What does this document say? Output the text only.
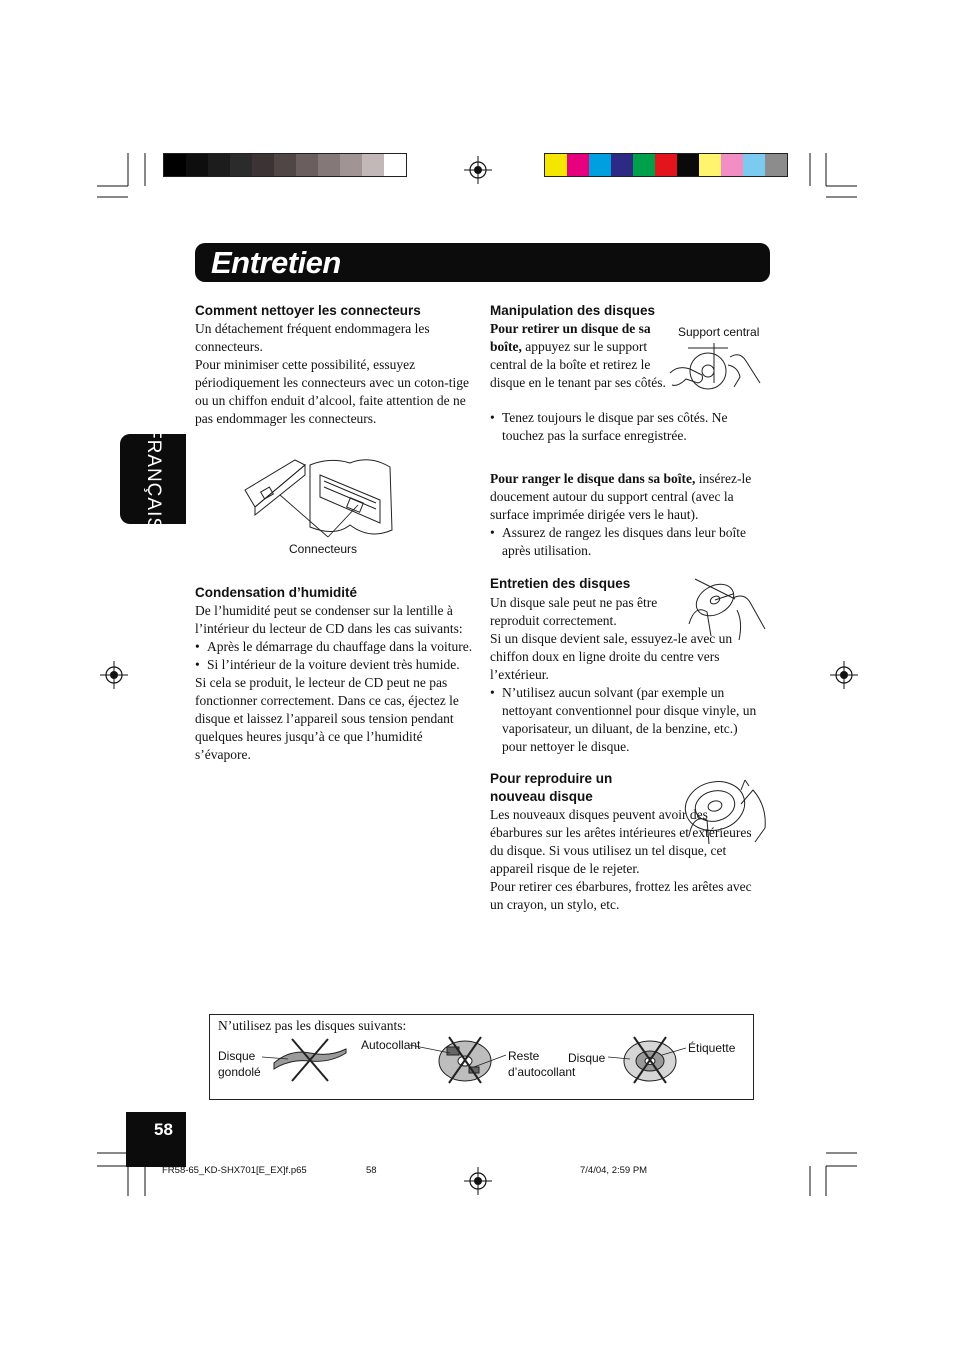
Entretien
FRANÇAIS
Comment nettoyer les connecteurs

Un détachement fréquent endommagera les connecteurs.

Pour minimiser cette possibilité, essuyez périodiquement les connecteurs avec un coton-tige ou un chiffon enduit d’alcool, faite attention de ne pas endommager les connecteurs.

Connecteurs
Condensation d’humidité

De l’humidité peut se condenser sur la lentille à l’intérieur du lecteur de CD dans les cas suivants:

• Après le démarrage du chauffage dans la voiture.
• Si l’intérieur de la voiture devient très humide.

Si cela se produit, le lecteur de CD peut ne pas fonctionner correctement. Dans ce cas, éjectez le disque et laissez l’appareil sous tension pendant quelques heures jusqu’à ce que l’humidité s’évapore.

Manipulation des disques

Pour retirer un disque de sa boîte, appuyez sur le support central de la boîte et retirez le disque en le tenant par ses côtés.

Support central
• Tenez toujours le disque par ses côtés. Ne touchez pas la surface enregistrée.

Pour ranger le disque dans sa boîte, insérez-le doucement autour du support central (avec la surface imprimée dirigée vers le haut).

• Assurez de rangez les disques dans leur boîte après utilisation.
Entretien des disques

Un disque sale peut ne pas être reproduit correctement.

Si un disque devient sale, essuyez-le avec un chiffon doux en ligne droite du centre vers l’extérieur.

• N’utilisez aucun solvant (par exemple un nettoyant conventionnel pour disque vinyle, un vaporisateur, un diluant, de la benzine, etc.) pour nettoyer le disque.
Pour reproduire un
nouveau disque

Les nouveaux disques peuvent avoir des ébarbures sur les arêtes intérieures et extérieures du disque. Si vous utilisez un tel disque, cet appareil risque de le rejeter.

Pour retirer ces ébarbures, frottez les arêtes avec un crayon, un stylo, etc.

N’utilisez pas les disques suivants:
Disque
gondolé
Autocollant
Reste
d’autocollant
Disque
Étiquette
58
FR58-65_KD-SHX701[E_EX]f.p65	58	7/4/04, 2:59 PM
